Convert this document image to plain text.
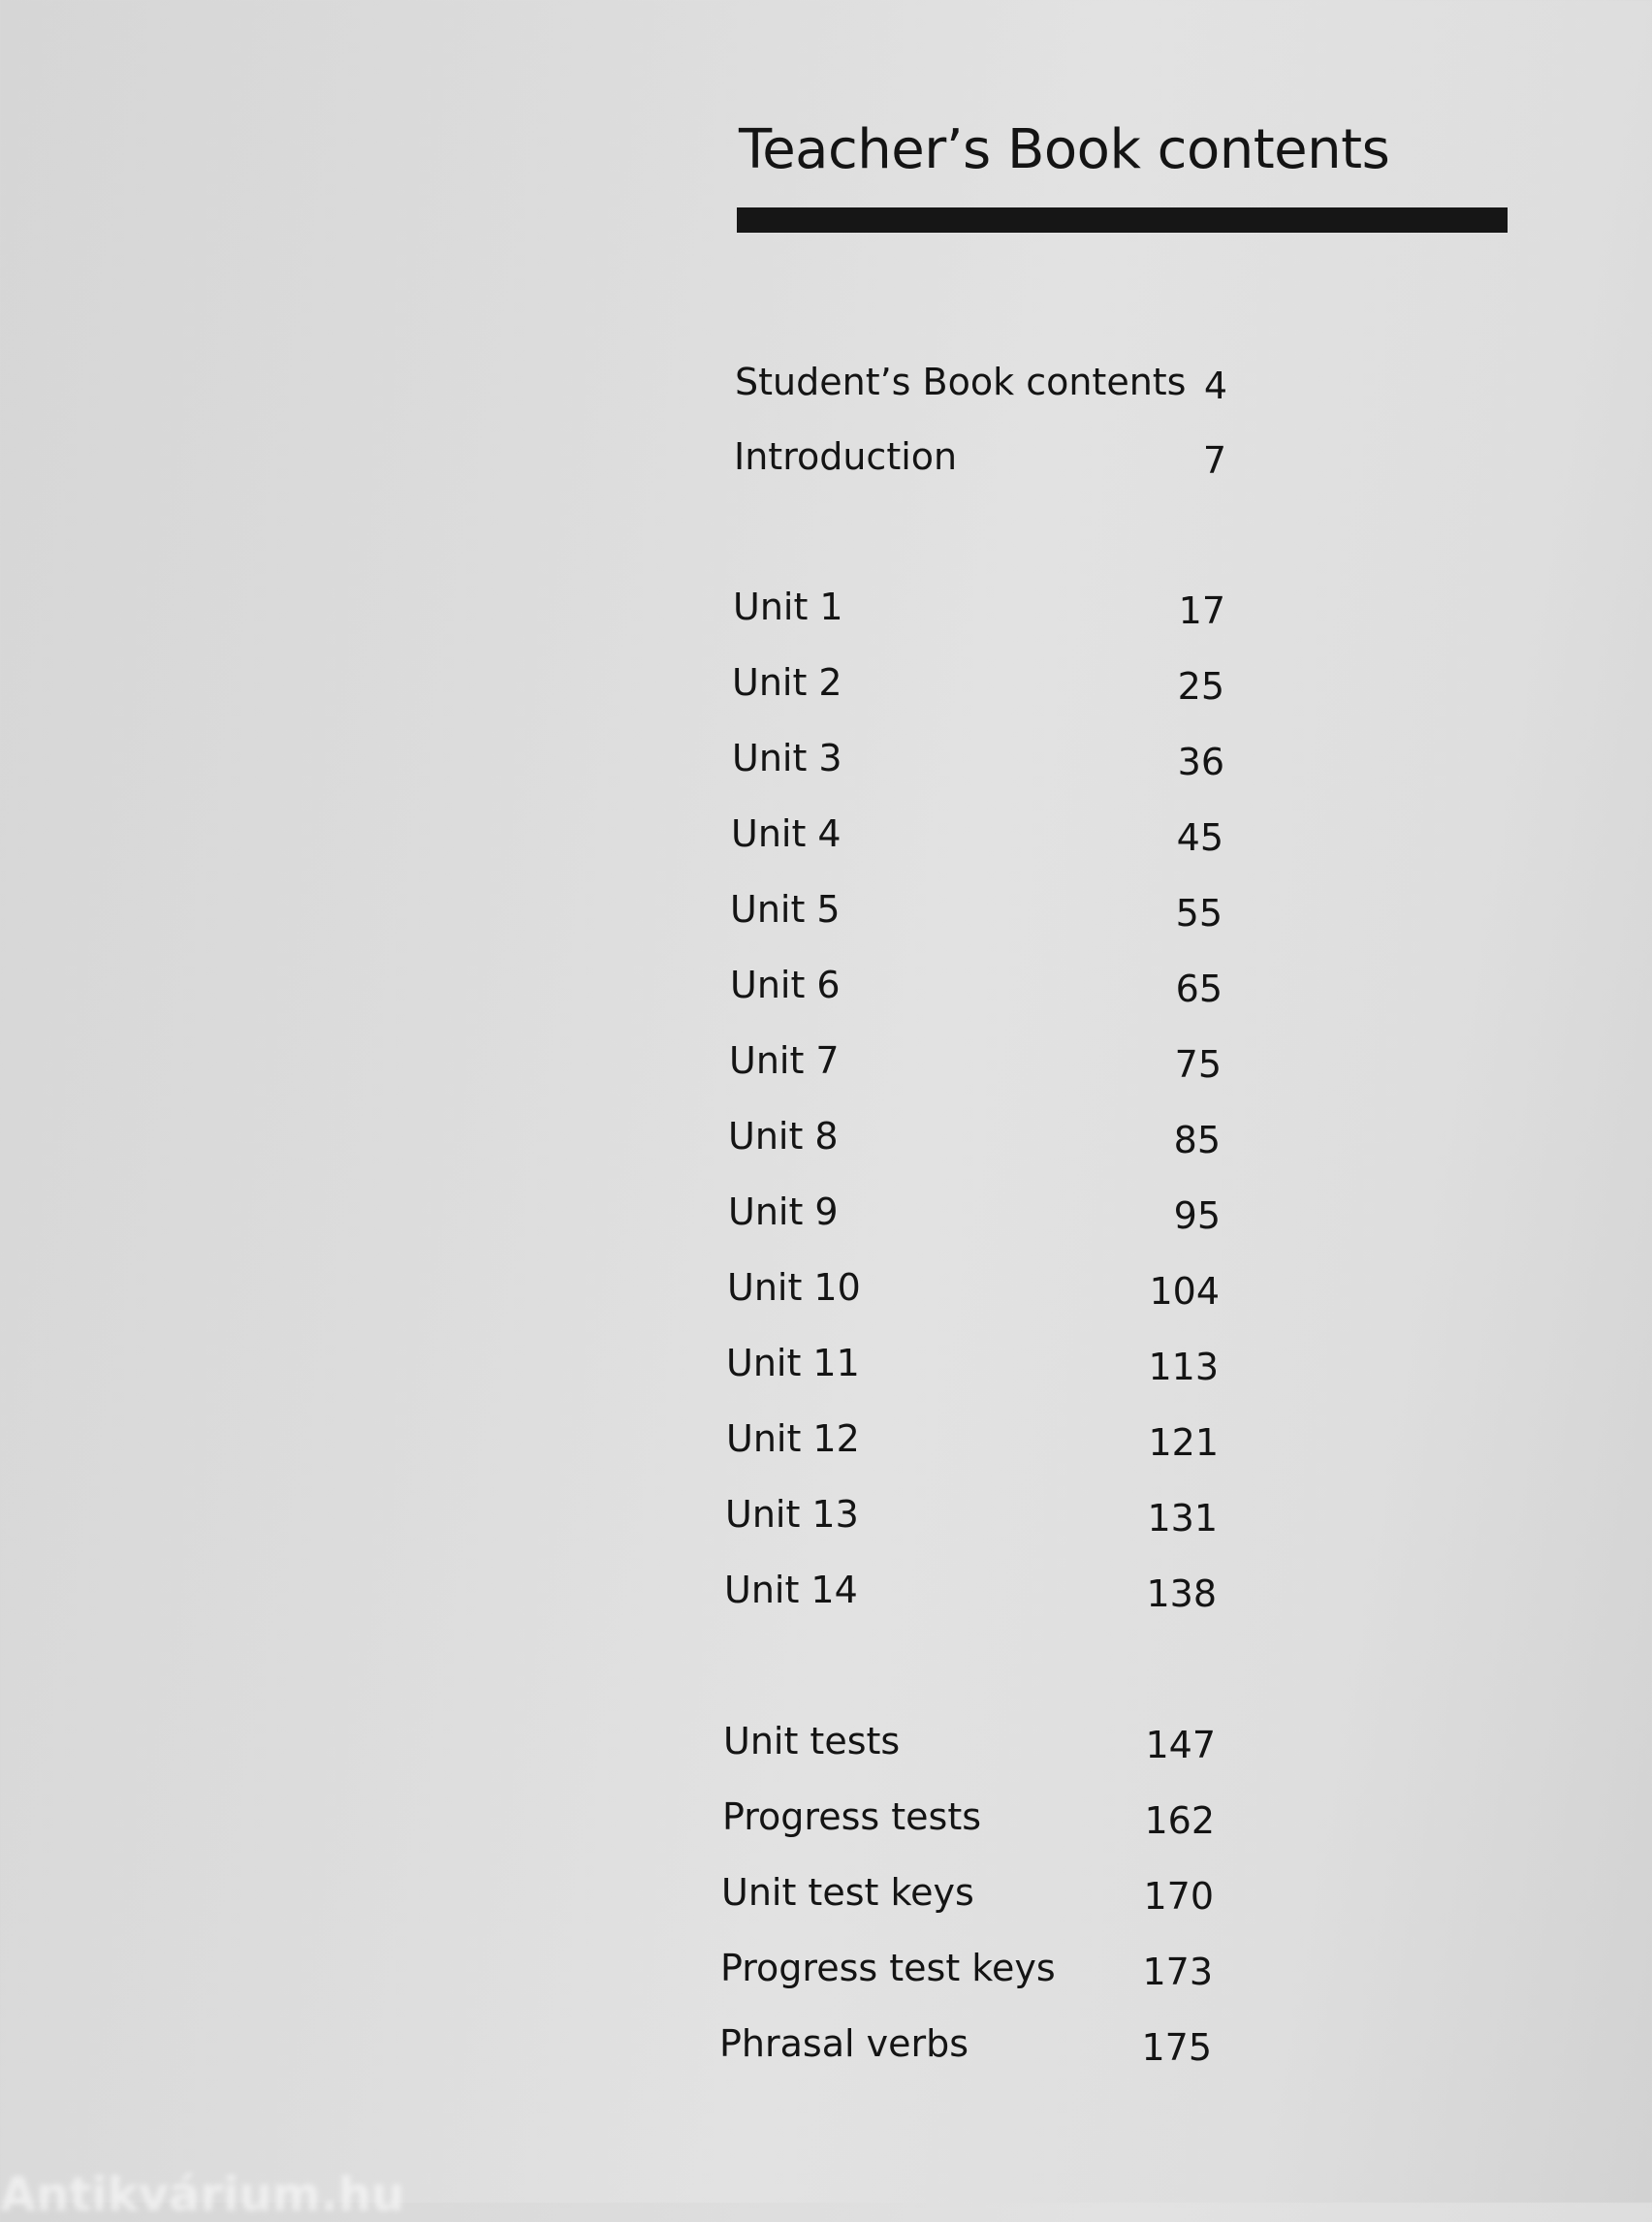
Teacher’s Book contents
Student’s Book contents 4
Introduction	7
Unit 1	17
Unit 2	25
Unit 3	36
Unit 4	45
Unit 5	55
Unit 6	65
Unit 7	75
Unit 8	85
Unit 9	95
Unit 10	104
Unit 11	113
Unit 12	121
Unit 13	131
Unit 14	138
Unit tests	147
Progress tests	162
Unit test keys	170
Progress test keys 173
Phrasal verbs	175
Antikvárium.hu
